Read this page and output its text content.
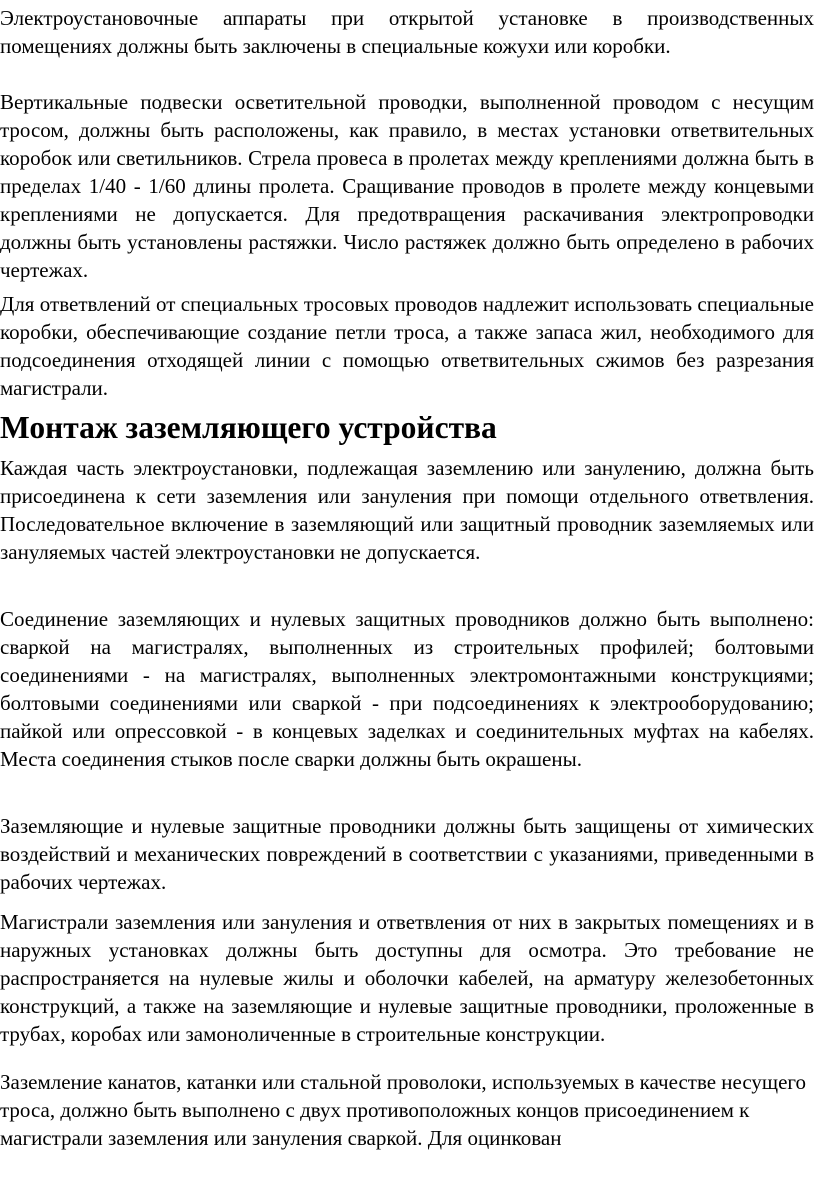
Электроустановочные аппараты при открытой установке в производственных помещениях должны быть заключены в специальные кожухи или коробки.

Вертикальные подвески осветительной проводки, выполненной проводом с несущим тросом, должны быть расположены, как правило, в местах установки ответвительных коробок или светильников. Стрела провеса в пролетах между креплениями должна быть в пределах 1/40 - 1/60 длины пролета. Сращивание проводов в пролете между концевыми креплениями не допускается. Для предотвращения раскачивания электропроводки должны быть установлены растяжки. Число растяжек должно быть определено в рабочих чертежах.

Для ответвлений от специальных тросовых проводов надлежит использовать специальные коробки, обеспечивающие создание петли троса, а также запаса жил, необходимого для подсоединения отходящей линии с помощью ответвительных сжимов без разрезания магистрали.

Монтаж заземляющего устройства

Каждая часть электроустановки, подлежащая заземлению или занулению, должна быть присоединена к сети заземления или зануления при помощи отдельного ответвления. Последовательное включение в заземляющий или защитный проводник заземляемых или зануляемых частей электроустановки не допускается.

Соединение заземляющих и нулевых защитных проводников должно быть выполнено: сваркой на магистралях, выполненных из строительных профилей; болтовыми соединениями - на магистралях, выполненных электромонтажными конструкциями; болтовыми соединениями или сваркой - при подсоединениях к электрооборудованию; пайкой или опрессовкой - в концевых заделках и соединительных муфтах на кабелях. Места соединения стыков после сварки должны быть окрашены.

Заземляющие и нулевые защитные проводники должны быть защищены от химических воздействий и механических повреждений в соответствии с указаниями, приведенными в рабочих чертежах.

Магистрали заземления или зануления и ответвления от них в закрытых помещениях и в наружных установках должны быть доступны для осмотра. Это требование не распространяется на нулевые жилы и оболочки кабелей, на арматуру железобетонных конструкций, а также на заземляющие и нулевые защитные проводники, проложенные в трубах, коробах или замоноличенные в строительные конструкции.

Заземление канатов, катанки или стальной проволоки, используемых в качестве несущего троса, должно быть выполнено с двух противоположных концов присоединением к магистрали заземления или зануления сваркой. Для оцинкован
